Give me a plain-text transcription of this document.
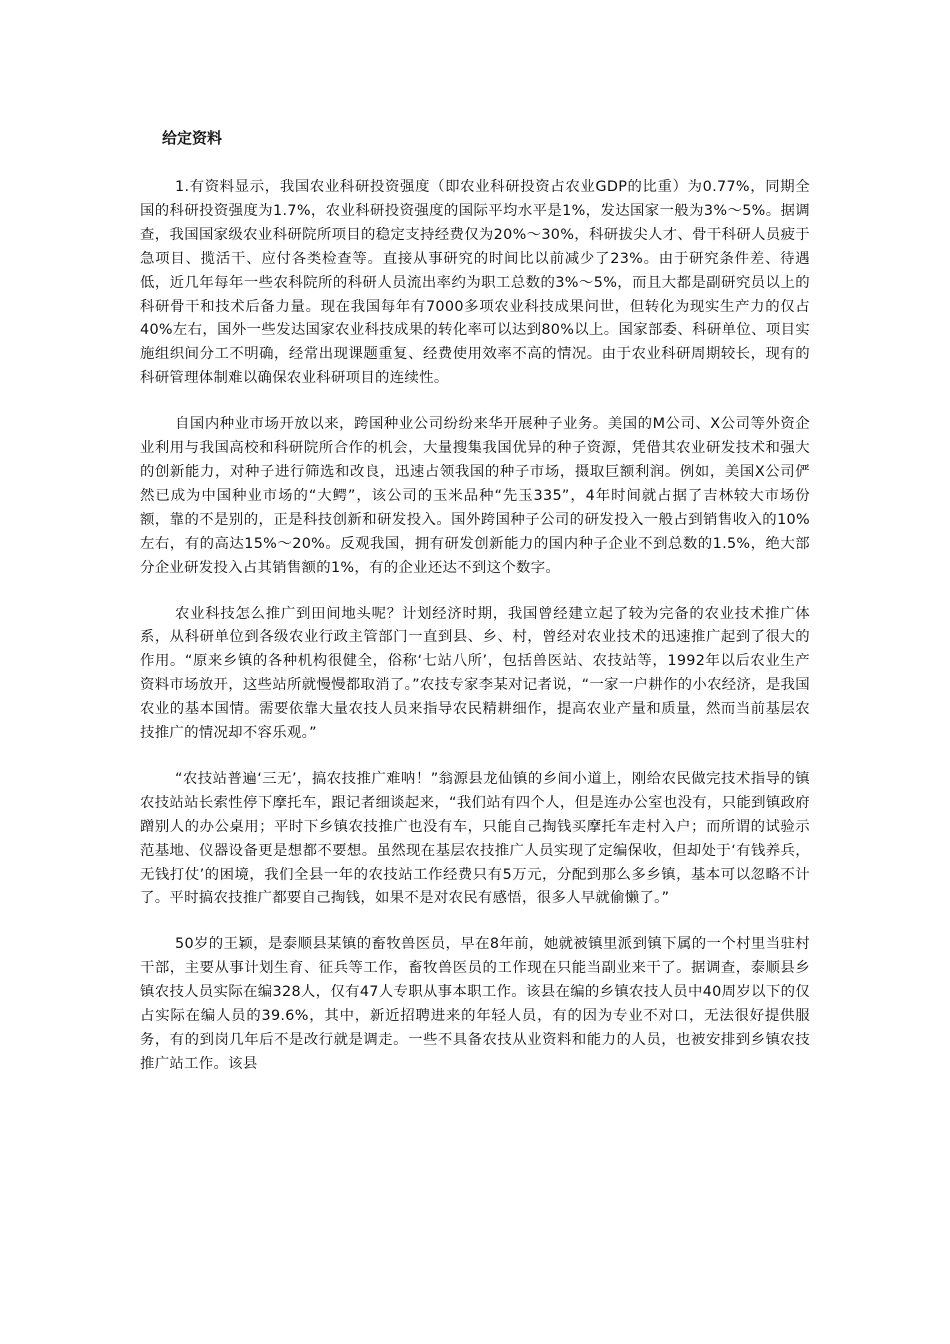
给定资料

1.有资料显示，我国农业科研投资强度（即农业科研投资占农业GDP的比重）为0.77%，同期全国的科研投资强度为1.7%，农业科研投资强度的国际平均水平是1%，发达国家一般为3%～5%。据调查，我国国家级农业科研院所项目的稳定支持经费仅为20%～30%，科研拔尖人才、骨干科研人员疲于急项目、揽活干、应付各类检查等。直接从事研究的时间比以前减少了23%。由于研究条件差、待遇低，近几年每年一些农科院所的科研人员流出率约为职工总数的3%～5%，而且大都是副研究员以上的科研骨干和技术后备力量。现在我国每年有7000多项农业科技成果问世，但转化为现实生产力的仅占40%左右，国外一些发达国家农业科技成果的转化率可以达到80%以上。国家部委、科研单位、项目实施组织间分工不明确，经常出现课题重复、经费使用效率不高的情况。由于农业科研周期较长，现有的科研管理体制难以确保农业科研项目的连续性。

自国内种业市场开放以来，跨国种业公司纷纷来华开展种子业务。美国的M公司、X公司等外资企业利用与我国高校和科研院所合作的机会，大量搜集我国优异的种子资源，凭借其农业研发技术和强大的创新能力，对种子进行筛选和改良，迅速占领我国的种子市场，摄取巨额利润。例如，美国X公司俨然已成为中国种业市场的“大鳄”，该公司的玉米品种“先玉335”，4年时间就占据了吉林较大市场份额，靠的不是别的，正是科技创新和研发投入。国外跨国种子公司的研发投入一般占到销售收入的10%左右，有的高达15%～20%。反观我国，拥有研发创新能力的国内种子企业不到总数的1.5%，绝大部分企业研发投入占其销售额的1%，有的企业还达不到这个数字。

农业科技怎么推广到田间地头呢？计划经济时期，我国曾经建立起了较为完备的农业技术推广体系，从科研单位到各级农业行政主管部门一直到县、乡、村，曾经对农业技术的迅速推广起到了很大的作用。“原来乡镇的各种机构很健全，俗称‘七站八所’，包括兽医站、农技站等，1992年以后农业生产资料市场放开，这些站所就慢慢都取消了。”农技专家李某对记者说，“一家一户耕作的小农经济，是我国农业的基本国情。需要依靠大量农技人员来指导农民精耕细作，提高农业产量和质量，然而当前基层农技推广的情况却不容乐观。”

“农技站普遍‘三无’，搞农技推广难呐！”翁源县龙仙镇的乡间小道上，刚给农民做完技术指导的镇农技站站长索性停下摩托车，跟记者细谈起来，“我们站有四个人，但是连办公室也没有，只能到镇政府蹭别人的办公桌用；平时下乡镇农技推广也没有车，只能自己掏钱买摩托车走村入户；而所谓的试验示范基地、仪器设备更是想都不要想。虽然现在基层农技推广人员实现了定编保收，但却处于‘有钱养兵，无钱打仗’的困境，我们全县一年的农技站工作经费只有5万元，分配到那么多乡镇，基本可以忽略不计了。平时搞农技推广都要自己掏钱，如果不是对农民有感悟，很多人早就偷懒了。”

50岁的王颖，是泰顺县某镇的畜牧兽医员，早在8年前，她就被镇里派到镇下属的一个村里当驻村干部，主要从事计划生育、征兵等工作，畜牧兽医员的工作现在只能当副业来干了。据调查，泰顺县乡镇农技人员实际在编328人，仅有47人专职从事本职工作。该县在编的乡镇农技人员中40周岁以下的仅占实际在编人员的39.6%，其中，新近招聘进来的年轻人员，有的因为专业不对口，无法很好提供服务，有的到岗几年后不是改行就是调走。一些不具备农技从业资料和能力的人员，也被安排到乡镇农技推广站工作。该县
